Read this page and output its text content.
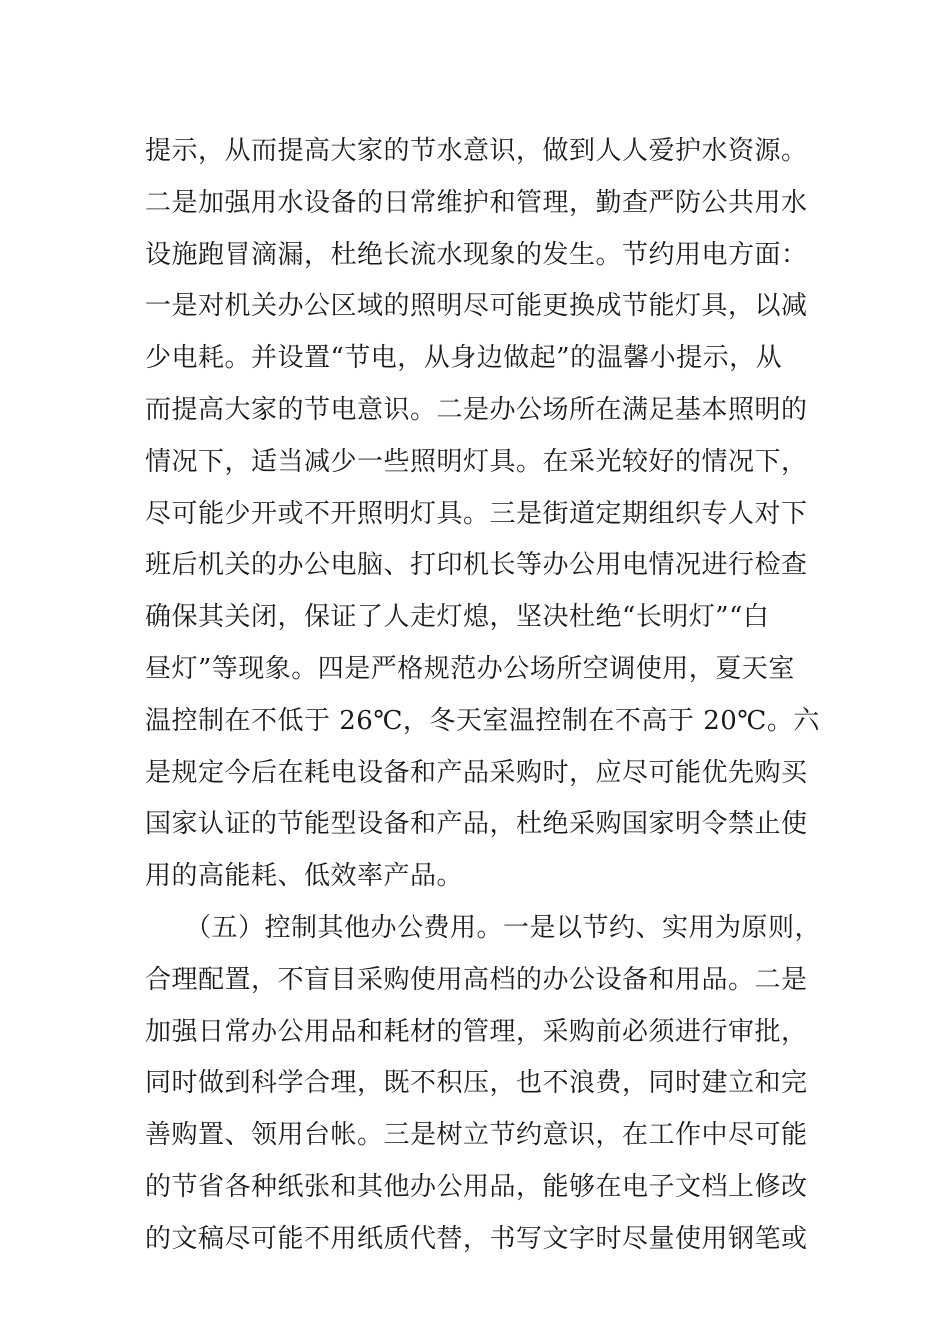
提示，从而提高大家的节水意识，做到人人爱护水资源。
二是加强用水设备的日常维护和管理，勤查严防公共用水
设施跑冒滴漏，杜绝长流水现象的发生。节约用电方面：
一是对机关办公区域的照明尽可能更换成节能灯具，以减
少电耗。并设置“节电，从身边做起”的温馨小提示，从
而提高大家的节电意识。二是办公场所在满足基本照明的
情况下，适当减少一些照明灯具。在采光较好的情况下，
尽可能少开或不开照明灯具。三是街道定期组织专人对下
班后机关的办公电脑、打印机长等办公用电情况进行检查
确保其关闭，保证了人走灯熄，坚决杜绝“长明灯”“白
昼灯”等现象。四是严格规范办公场所空调使用，夏天室
温控制在不低于 26℃，冬天室温控制在不高于 20℃。六
是规定今后在耗电设备和产品采购时，应尽可能优先购买
国家认证的节能型设备和产品，杜绝采购国家明令禁止使
用的高能耗、低效率产品。
　　（五）控制其他办公费用。一是以节约、实用为原则，
合理配置，不盲目采购使用高档的办公设备和用品。二是
加强日常办公用品和耗材的管理，采购前必须进行审批，
同时做到科学合理，既不积压，也不浪费，同时建立和完
善购置、领用台帐。三是树立节约意识，在工作中尽可能
的节省各种纸张和其他办公用品，能够在电子文档上修改
的文稿尽可能不用纸质代替，书写文字时尽量使用钢笔或
